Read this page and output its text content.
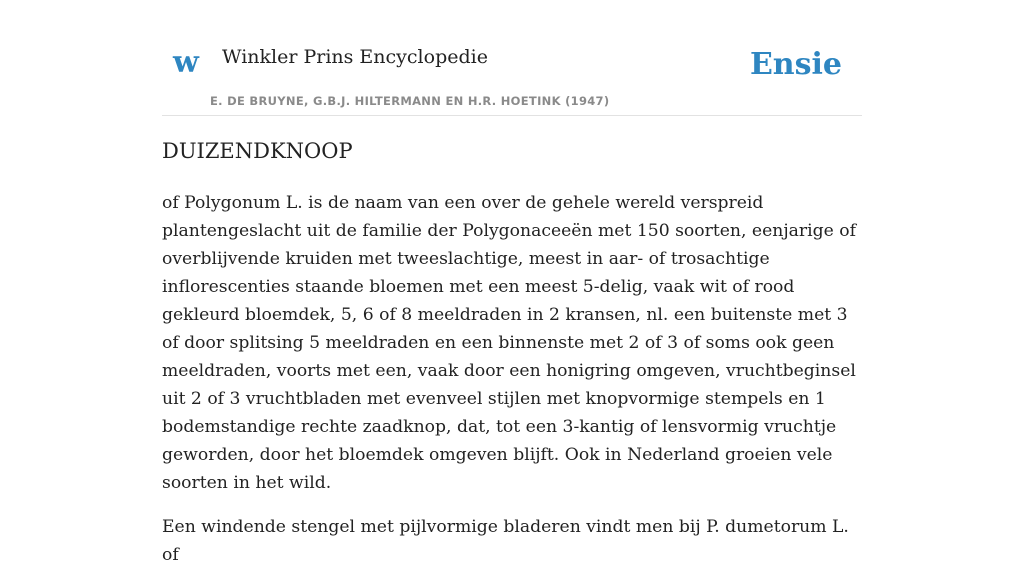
w Winkler Prins Encyclopedie
E. DE BRUYNE, G.B.J. HILTERMANN EN H.R. HOETINK (1947)
Ensie
DUIZENDKNOOP

of Polygonum L. is de naam van een over de gehele wereld verspreid plantengeslacht uit de familie der Polygonaceeën met 150 soorten, eenjarige of overblijvende kruiden met tweeslachtige, meest in aar- of trosachtige inflorescenties staande bloemen met een meest 5-delig, vaak wit of rood gekleurd bloemdek, 5, 6 of 8 meeldraden in 2 kransen, nl. een buitenste met 3 of door splitsing 5 meeldraden en een binnenste met 2 of 3 of soms ook geen meeldraden, voorts met een, vaak door een honigring omgeven, vruchtbeginsel uit 2 of 3 vruchtbladen met evenveel stijlen met knopvormige stempels en 1 bodemstandige rechte zaadknop, dat, tot een 3-kantig of lensvormig vruchtje geworden, door het bloemdek omgeven blijft. Ook in Nederland groeien vele soorten in het wild.

Een windende stengel met pijlvormige bladeren vindt men bij P. dumetorum L. of
